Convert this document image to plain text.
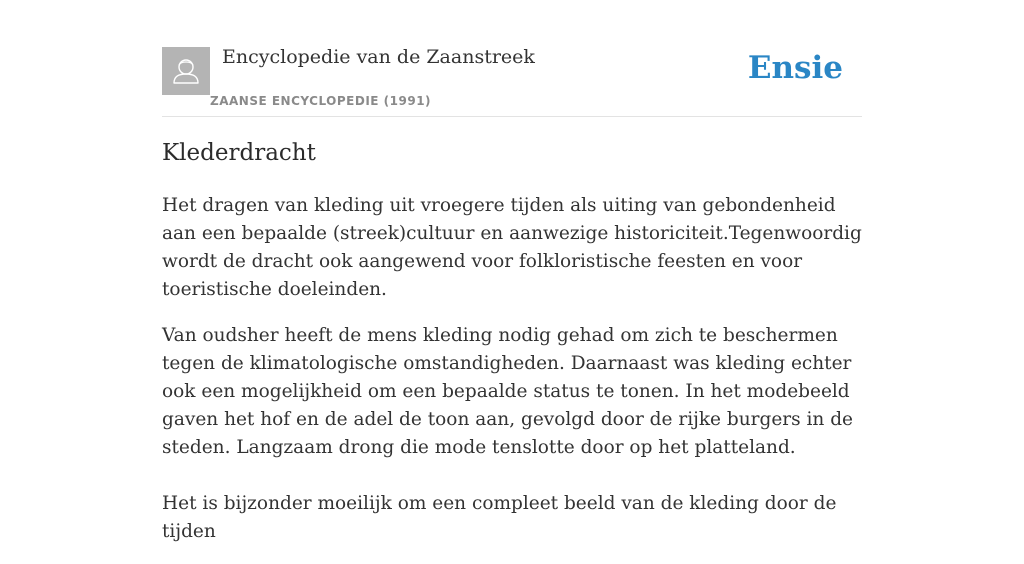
Encyclopedie van de Zaanstreek
ZAANSE ENCYCLOPEDIE (1991)
Ensie
Klederdracht

Het dragen van kleding uit vroegere tijden als uiting van gebondenheid aan een bepaalde (streek)cultuur en aanwezige historiciteit.Tegenwoordig wordt de dracht ook aangewend voor folkloristische feesten en voor toeristische doeleinden.

Van oudsher heeft de mens kleding nodig gehad om zich te beschermen tegen de klimatologische omstandigheden. Daarnaast was kleding echter ook een mogelijkheid om een bepaalde status te tonen. In het modebeeld gaven het hof en de adel de toon aan, gevolgd door de rijke burgers in de steden. Langzaam drong die mode tenslotte door op het platteland.

Het is bijzonder moeilijk om een compleet beeld van de kleding door de tijden
